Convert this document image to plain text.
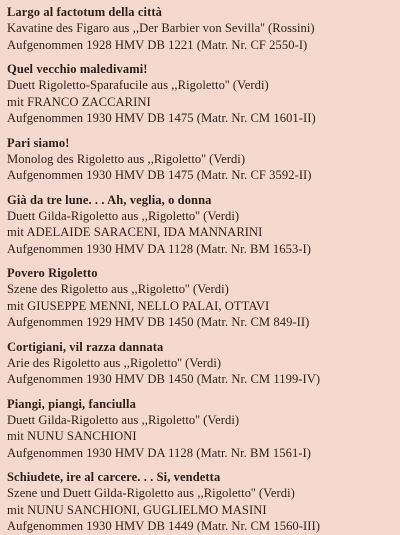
Largo al factotum della città
Kavatine des Figaro aus ,,Der Barbier von Sevilla'' (Rossini)
Aufgenommen 1928 HMV DB 1221 (Matr. Nr. CF 2550-I)
Quel vecchio maledivami!
Duett Rigoletto-Sparafucile aus ,,Rigoletto'' (Verdi)
mit FRANCO ZACCARINI
Aufgenommen 1930 HMV DB 1475 (Matr. Nr. CM 1601-II)
Pari siamo!
Monolog des Rigoletto aus ,,Rigoletto'' (Verdi)
Aufgenommen 1930 HMV DB 1475 (Matr. Nr. CF 3592-II)
Già da tre lune. . . Ah, veglia, o donna
Duett Gilda-Rigoletto aus ,,Rigoletto'' (Verdi)
mit ADELAIDE SARACENI, IDA MANNARINI
Aufgenommen 1930 HMV DA 1128 (Matr. Nr. BM 1653-I)
Povero Rigoletto
Szene des Rigoletto aus ,,Rigoletto'' (Verdi)
mit GIUSEPPE MENNI, NELLO PALAI, OTTAVI
Aufgenommen 1929 HMV DB 1450 (Matr. Nr. CM 849-II)
Cortigiani, vil razza dannata
Arie des Rigoletto aus ,,Rigoletto'' (Verdi)
Aufgenommen 1930 HMV DB 1450 (Matr. Nr. CM 1199-IV)
Piangi, piangi, fanciulla
Duett Gilda-Rigoletto aus ,,Rigoletto'' (Verdi)
mit NUNU SANCHIONI
Aufgenommen 1930 HMV DA 1128 (Matr. Nr. BM 1561-I)
Schiudete, ire al carcere. . . Si, vendetta
Szene und Duett Gilda-Rigoletto aus ,,Rigoletto'' (Verdi)
mit NUNU SANCHIONI, GUGLIELMO MASINI
Aufgenommen 1930 HMV DB 1449 (Matr. Nr. CM 1560-III)
